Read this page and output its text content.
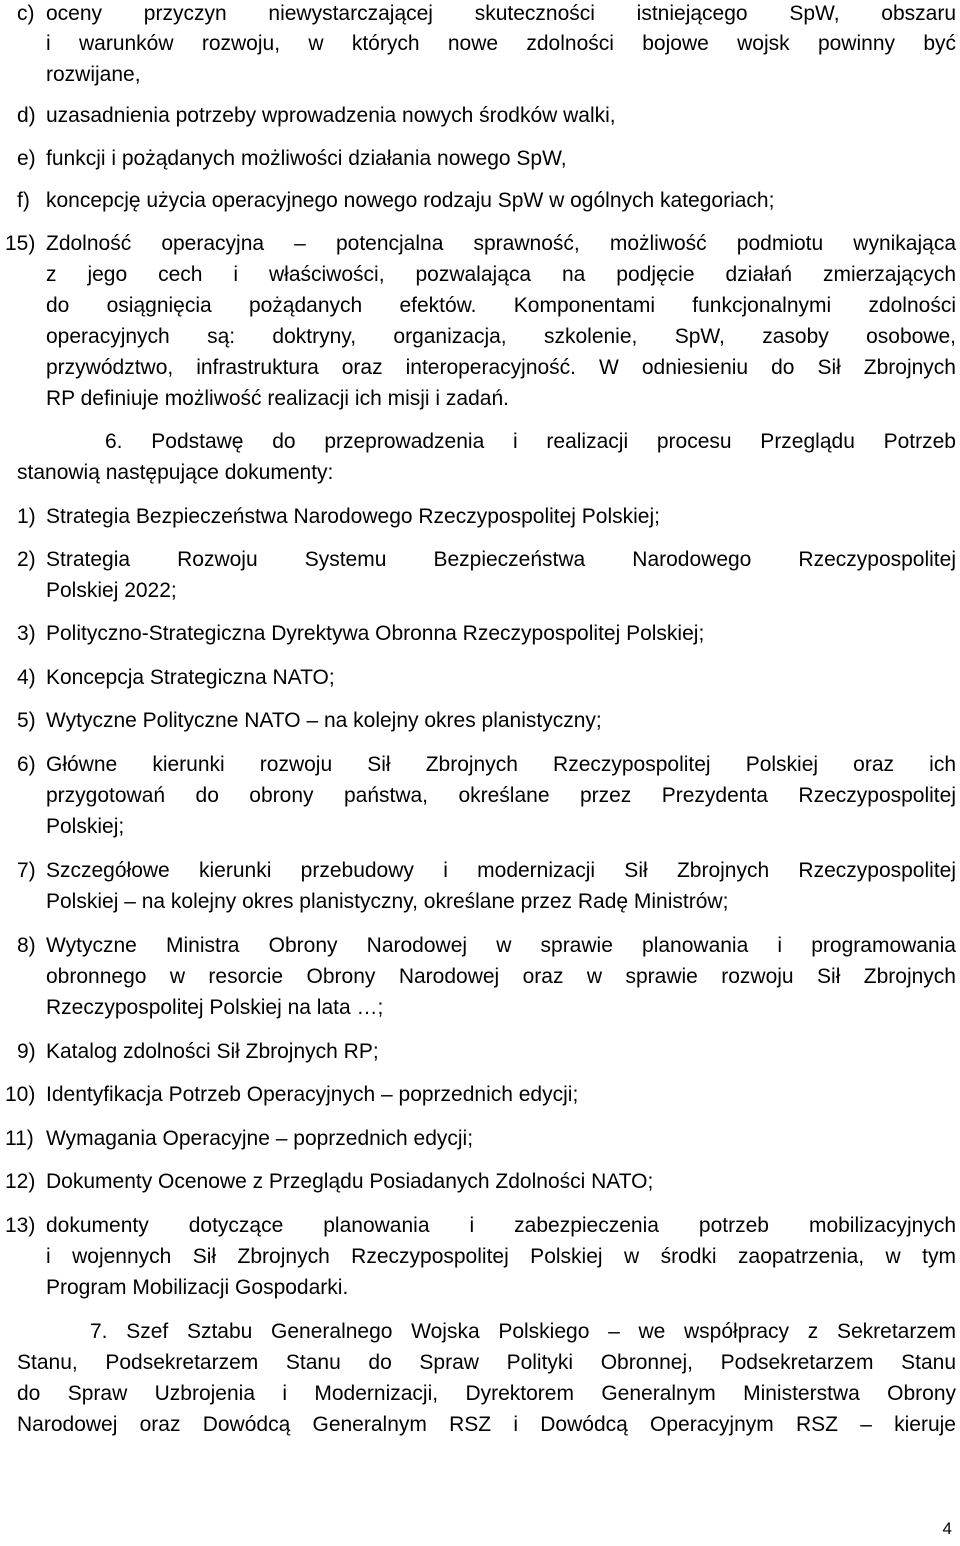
c) oceny przyczyn niewystarczającej skuteczności istniejącego SpW, obszaru
i warunków rozwoju, w których nowe zdolności bojowe wojsk powinny być
rozwijane,
d) uzasadnienia potrzeby wprowadzenia nowych środków walki,
e) funkcji i pożądanych możliwości działania nowego SpW,
f) koncepcję użycia operacyjnego nowego rodzaju SpW w ogólnych kategoriach;
15) Zdolność operacyjna – potencjalna sprawność, możliwość podmiotu wynikająca
z jego cech i właściwości, pozwalająca na podjęcie działań zmierzających
do osiągnięcia pożądanych efektów. Komponentami funkcjonalnymi zdolności
operacyjnych są: doktryny, organizacja, szkolenie, SpW, zasoby osobowe,
przywództwo, infrastruktura oraz interoperacyjność. W odniesieniu do Sił Zbrojnych
RP definiuje możliwość realizacji ich misji i zadań.
6. Podstawę do przeprowadzenia i realizacji procesu Przeglądu Potrzeb
stanowią następujące dokumenty:
1) Strategia Bezpieczeństwa Narodowego Rzeczypospolitej Polskiej;
2) Strategia Rozwoju Systemu Bezpieczeństwa Narodowego Rzeczypospolitej
Polskiej 2022;
3) Polityczno-Strategiczna Dyrektywa Obronna Rzeczypospolitej Polskiej;
4) Koncepcja Strategiczna NATO;
5) Wytyczne Polityczne NATO – na kolejny okres planistyczny;
6) Główne kierunki rozwoju Sił Zbrojnych Rzeczypospolitej Polskiej oraz ich
przygotowań do obrony państwa, określane przez Prezydenta Rzeczypospolitej
Polskiej;
7) Szczegółowe kierunki przebudowy i modernizacji Sił Zbrojnych Rzeczypospolitej
Polskiej – na kolejny okres planistyczny, określane przez Radę Ministrów;
8) Wytyczne Ministra Obrony Narodowej w sprawie planowania i programowania
obronnego w resorcie Obrony Narodowej oraz w sprawie rozwoju Sił Zbrojnych
Rzeczypospolitej Polskiej na lata …;
9) Katalog zdolności Sił Zbrojnych RP;
10) Identyfikacja Potrzeb Operacyjnych – poprzednich edycji;
11) Wymagania Operacyjne – poprzednich edycji;
12) Dokumenty Ocenowe z Przeglądu Posiadanych Zdolności NATO;
13) dokumenty dotyczące planowania i zabezpieczenia potrzeb mobilizacyjnych
i wojennych Sił Zbrojnych Rzeczypospolitej Polskiej w środki zaopatrzenia, w tym
Program Mobilizacji Gospodarki.
7. Szef Sztabu Generalnego Wojska Polskiego – we współpracy z Sekretarzem
Stanu, Podsekretarzem Stanu do Spraw Polityki Obronnej, Podsekretarzem Stanu
do Spraw Uzbrojenia i Modernizacji, Dyrektorem Generalnym Ministerstwa Obrony
Narodowej oraz Dowódcą Generalnym RSZ i Dowódcą Operacyjnym RSZ – kieruje
4
